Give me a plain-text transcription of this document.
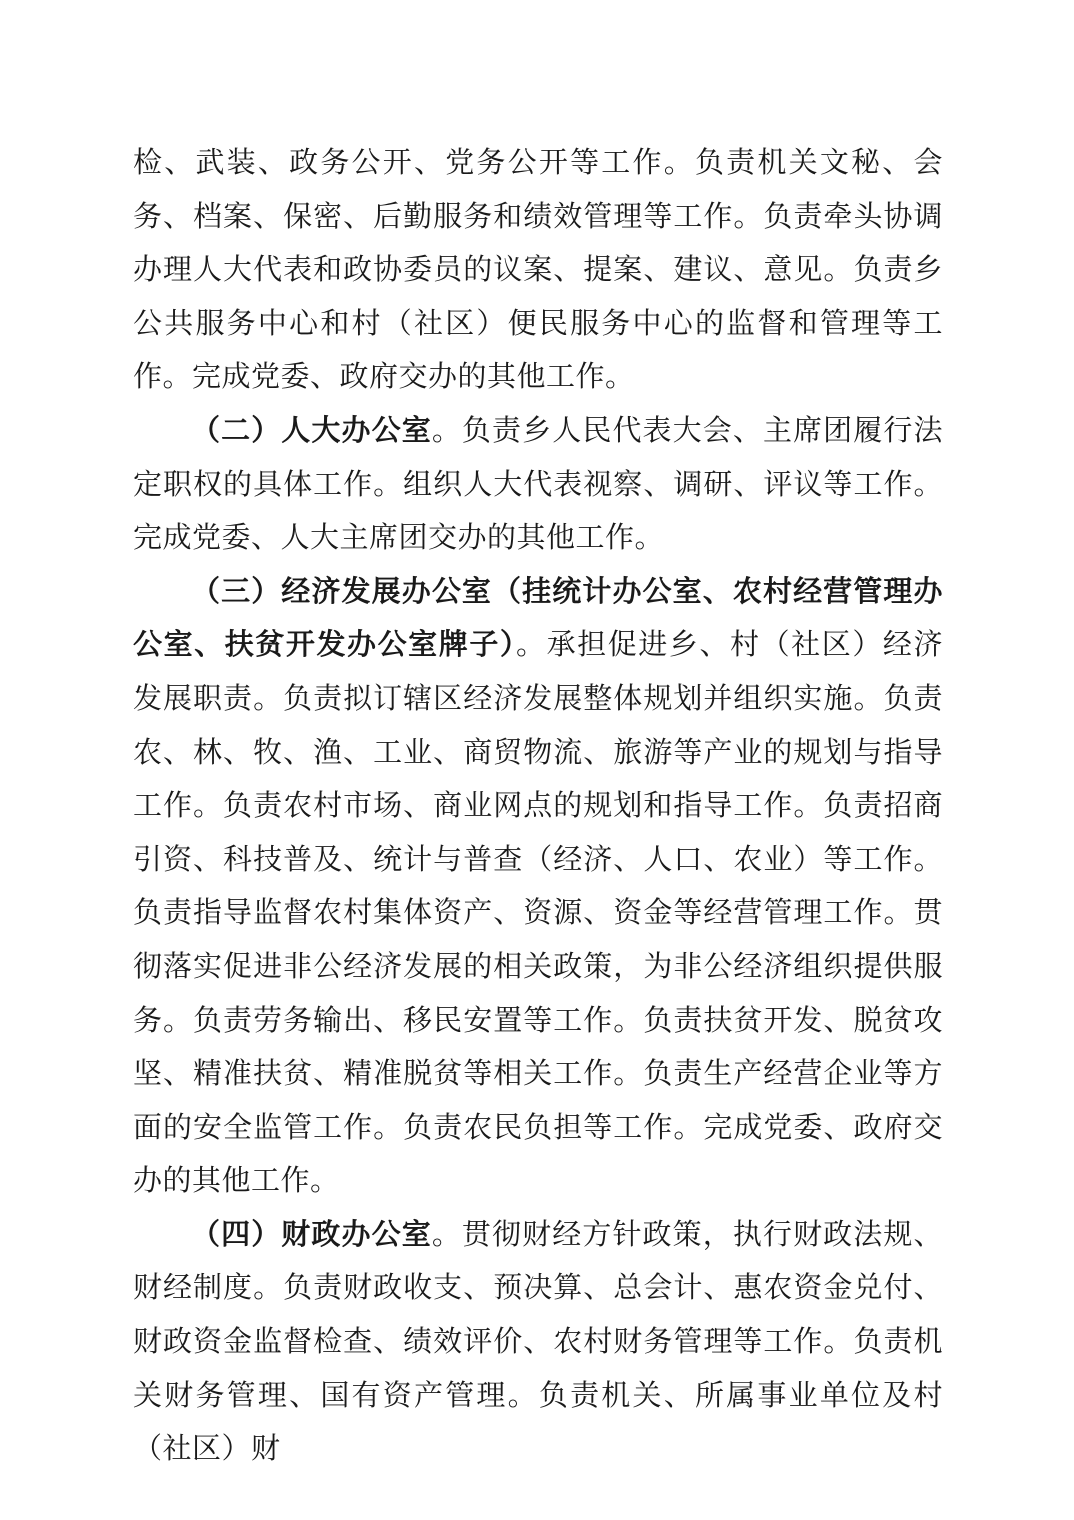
检、武装、政务公开、党务公开等工作。负责机关文秘、会务、档案、保密、后勤服务和绩效管理等工作。负责牵头协调办理人大代表和政协委员的议案、提案、建议、意见。负责乡公共服务中心和村（社区）便民服务中心的监督和管理等工作。完成党委、政府交办的其他工作。

（二）人大办公室。负责乡人民代表大会、主席团履行法定职权的具体工作。组织人大代表视察、调研、评议等工作。完成党委、人大主席团交办的其他工作。

（三）经济发展办公室（挂统计办公室、农村经营管理办公室、扶贫开发办公室牌子）。承担促进乡、村（社区）经济发展职责。负责拟订辖区经济发展整体规划并组织实施。负责农、林、牧、渔、工业、商贸物流、旅游等产业的规划与指导工作。负责农村市场、商业网点的规划和指导工作。负责招商引资、科技普及、统计与普查（经济、人口、农业）等工作。负责指导监督农村集体资产、资源、资金等经营管理工作。贯彻落实促进非公经济发展的相关政策，为非公经济组织提供服务。负责劳务输出、移民安置等工作。负责扶贫开发、脱贫攻坚、精准扶贫、精准脱贫等相关工作。负责生产经营企业等方面的安全监管工作。负责农民负担等工作。完成党委、政府交办的其他工作。

（四）财政办公室。贯彻财经方针政策，执行财政法规、财经制度。负责财政收支、预决算、总会计、惠农资金兑付、财政资金监督检查、绩效评价、农村财务管理等工作。负责机关财务管理、国有资产管理。负责机关、所属事业单位及村（社区）财
